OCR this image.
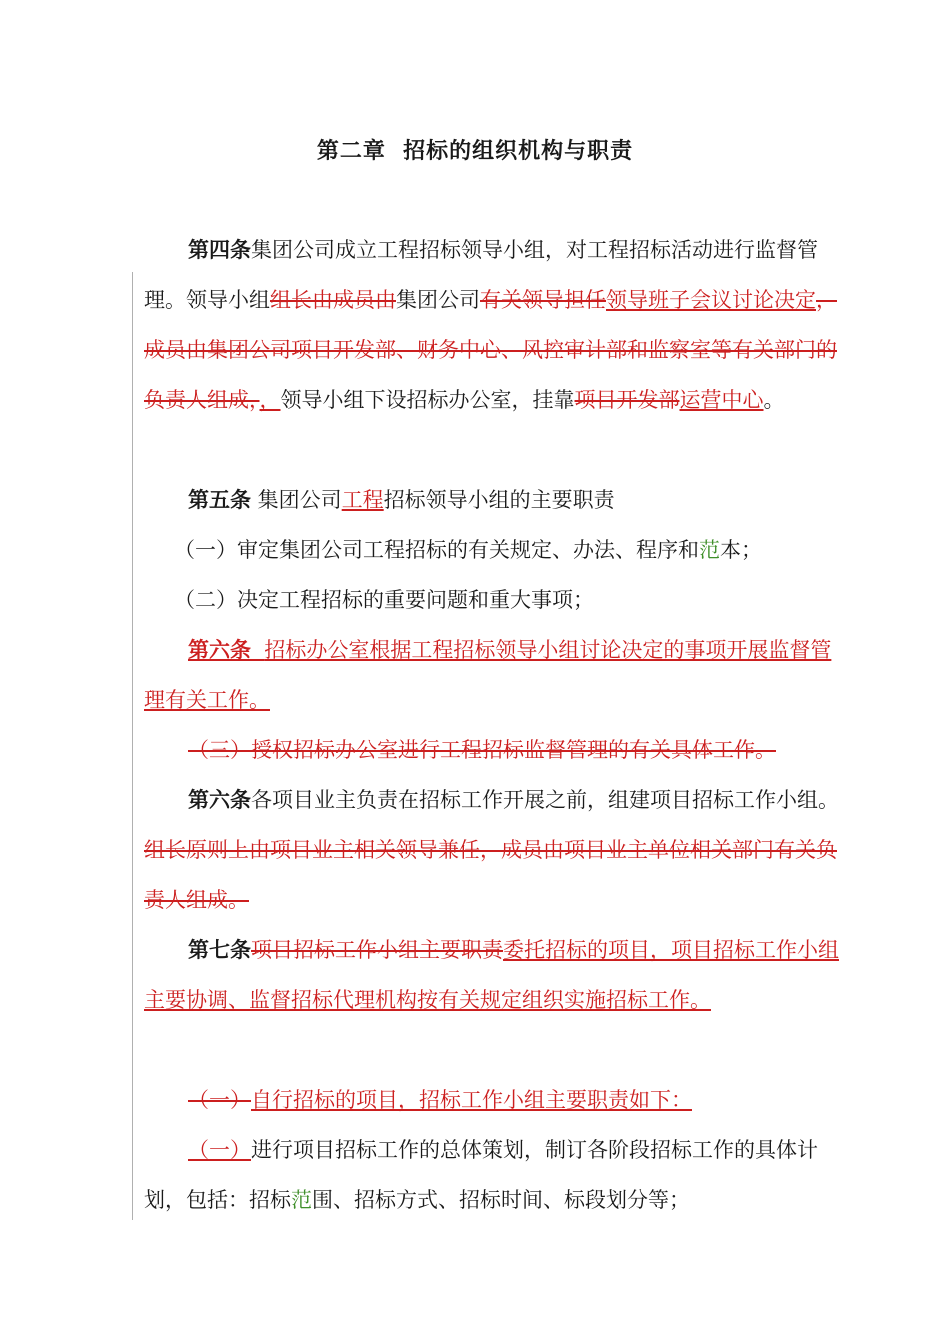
第二章  招标的组织机构与职责
第四条集团公司成立工程招标领导小组，对工程招标活动进行监督管理。领导小组组长由成员由集团公司有关领导担任领导班子会议讨论决定，成员由集团公司项目开发部、财务中心、风控审计部和监察室等有关部门的负责人组成，，领导小组下设招标办公室，挂靠项目开发部运营中心。
第五条 集团公司工程招标领导小组的主要职责
（一）审定集团公司工程招标的有关规定、办法、程序和范本；
（二）决定工程招标的重要问题和重大事项；
第六条 招标办公室根据工程招标领导小组讨论决定的事项开展监督管理有关工作。
（三）授权招标办公室进行工程招标监督管理的有关具体工作。
第六条各项目业主负责在招标工作开展之前，组建项目招标工作小组。组长原则上由项目业主相关领导兼任，成员由项目业主单位相关部门有关负责人组成。
第七条项目招标工作小组主要职责委托招标的项目，项目招标工作小组主要协调、监督招标代理机构按有关规定组织实施招标工作。
（一）自行招标的项目，招标工作小组主要职责如下：
（一）进行项目招标工作的总体策划，制订各阶段招标工作的具体计划，包括：招标范围、招标方式、招标时间、标段划分等；
